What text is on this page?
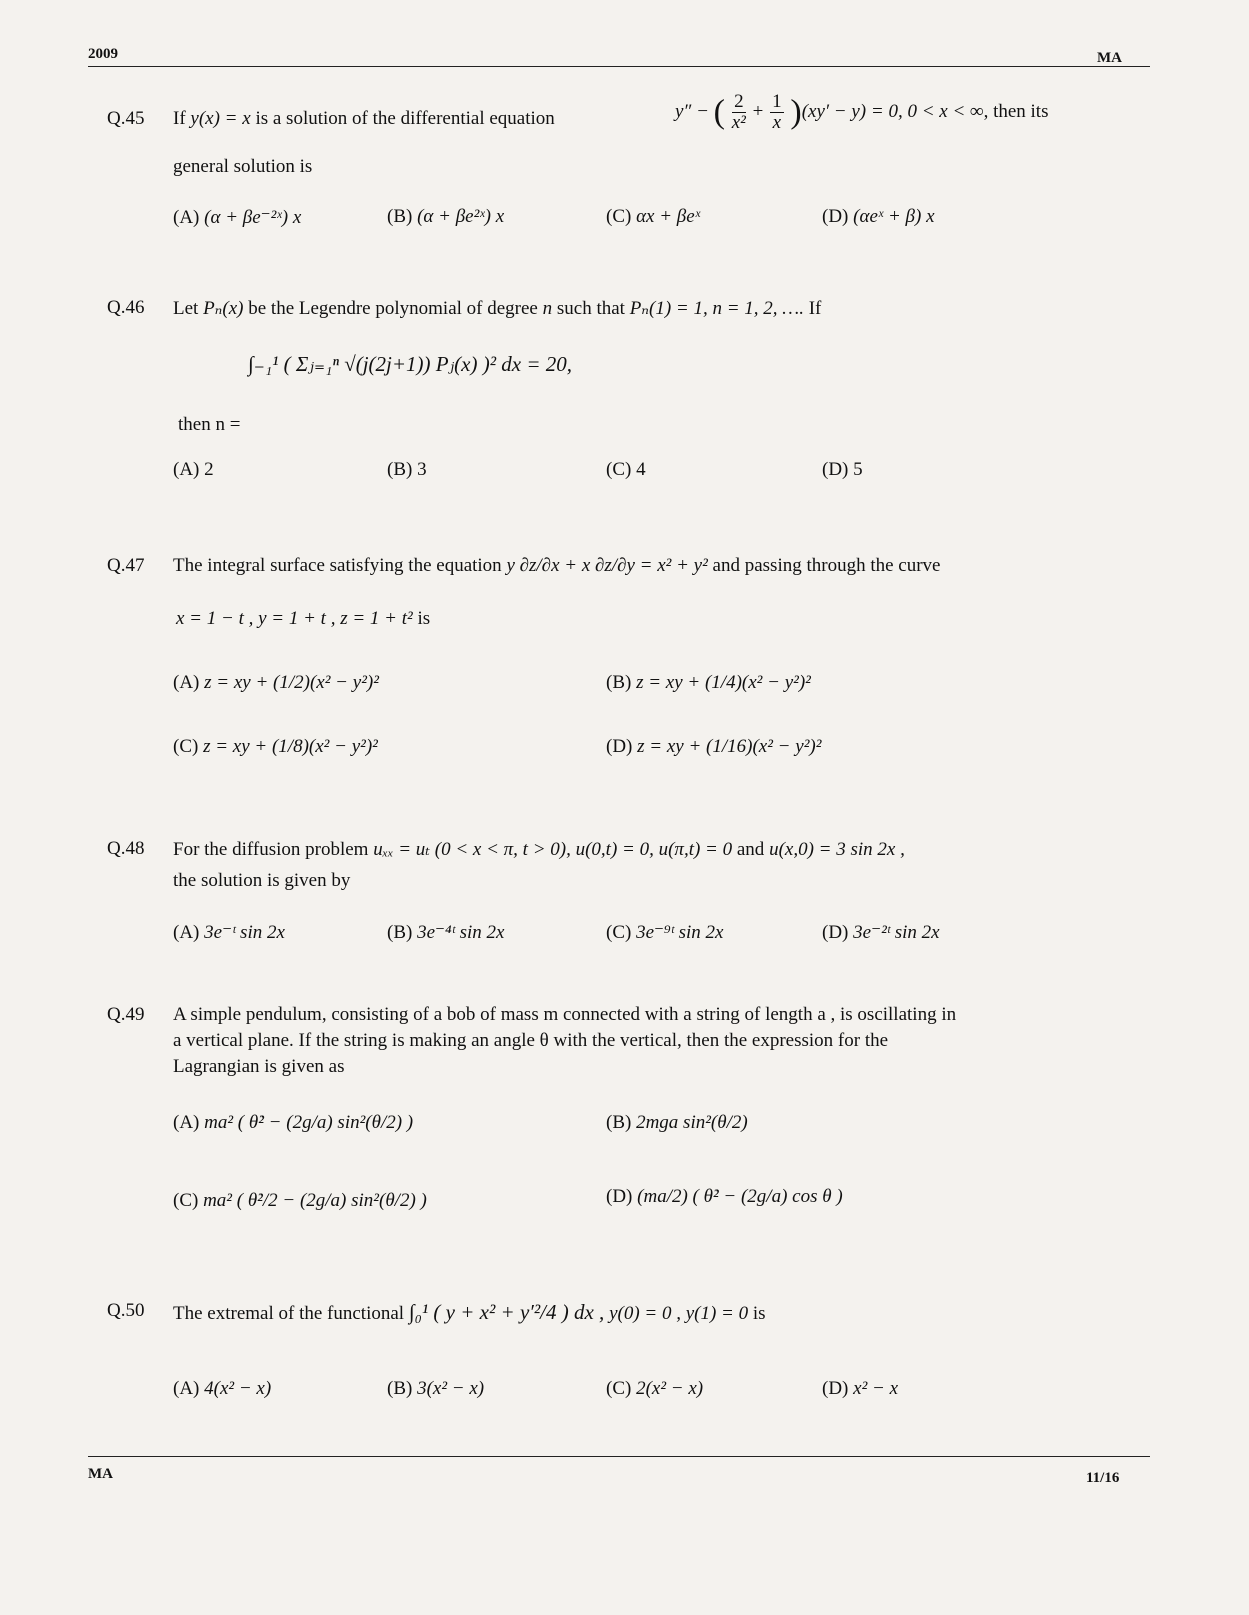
2009	MA
Q.45 If y(x) = x is a solution of the differential equation	y″ − ( $\frac{2}{\text{x²}} + \frac{1}{x} )(xy' - y) = 0$, 0 < x < ∞, then its
general solution is
(A) (α + βe⁻²ˣ) x	(B) (α + βe²ˣ) x	(C) αx + βeˣ	(D) (αeˣ + β) x
Q.46 Let Pₙ(x) be the Legendre polynomial of degree n such that Pₙ(1) = 1, n = 1, 2, …. If
∫₋₁¹ ( Σⱼ₌₁ⁿ √(j(2j+1)) Pⱼ(x) )² dx = 20,
then n =
(A) 2	(B) 3	(C) 4	(D) 5
Q.47 The integral surface satisfying the equation y ∂z/∂x + x ∂z/∂y = x² + y² and passing through the curve
x = 1 − t , y = 1 + t , z = 1 + t² is
(A) z = xy + (1/2)(x² − y²)²	(B) z = xy + (1/4)(x² − y²)²
(C) z = xy + (1/8)(x² − y²)²	(D) z = xy + (1/16)(x² − y²)²
Q.48 For the diffusion problem uₓₓ = uₜ (0 < x < π, t > 0), u(0,t) = 0, u(π,t) = 0 and u(x,0) = 3 sin 2x ,
the solution is given by
(A) 3e⁻ᵗ sin 2x	(B) 3e⁻⁴ᵗ sin 2x	(C) 3e⁻⁹ᵗ sin 2x	(D) 3e⁻²ᵗ sin 2x
Q.49 A simple pendulum, consisting of a bob of mass m connected with a string of length a , is oscillating in
a vertical plane. If the string is making an angle θ with the vertical, then the expression for the
Lagrangian is given as
(A) ma² ( θ̇² − (2g/a) sin²(θ/2) )	(B) 2mga sin²(θ/2)
(C) ma² ( θ̇²/2 − (2g/a) sin²(θ/2) )	(D) (ma/2) ( θ̇² − (2g/a) cos θ )
Q.50 The extremal of the functional ∫₀¹ ( y + x² + y′²/4 ) dx , y(0) = 0 , y(1) = 0 is
(A) 4(x² − x)	(B) 3(x² − x)	(C) 2(x² − x)	(D) x² − x
MA	11/16
